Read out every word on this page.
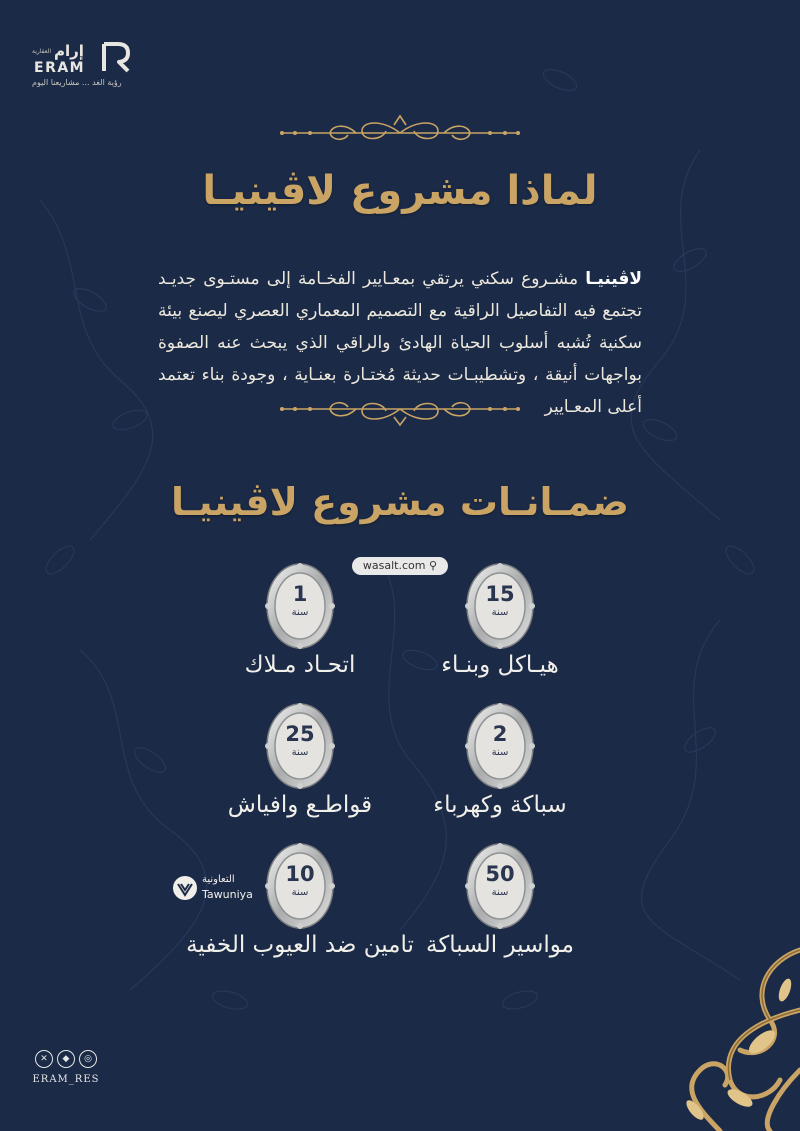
إرام
العقارية
ERAM
رؤية الغد ... مشاريعنا اليوم
لماذا مشروع لاڤينيـا

لاڤينيـا مشـروع سكني يرتقي بمعـايير الفخـامة إلى مستـوى جديـد تجتمع فيه التفاصيل الراقية مع التصميم المعماري العصري ليصنع بيئة سكنية تُشبه أسلوب الحياة الهادئ والراقي الذي يبحث عنه الصفوة بواجهات أنيقة ، وتشطيبـات حديثة مُختـارة بعنـاية ، وجودة بناء تعتمد أعلى المعـايير

ضمـانـات مشروع لاڤينيـا
wasalt.com ⚲
15
سنة
هيـاكل وبنـاء
1
سنة
اتحـاد مـلاك
2
سنة
سباكة وكهرباء
25
سنة
قواطـع وافياش
50
سنة
مواسير السباكة
10
سنة
تامين ضد العيوب الخفية
التعاونية
Tawuniya
✕	◆	◎
ERAM_RES
